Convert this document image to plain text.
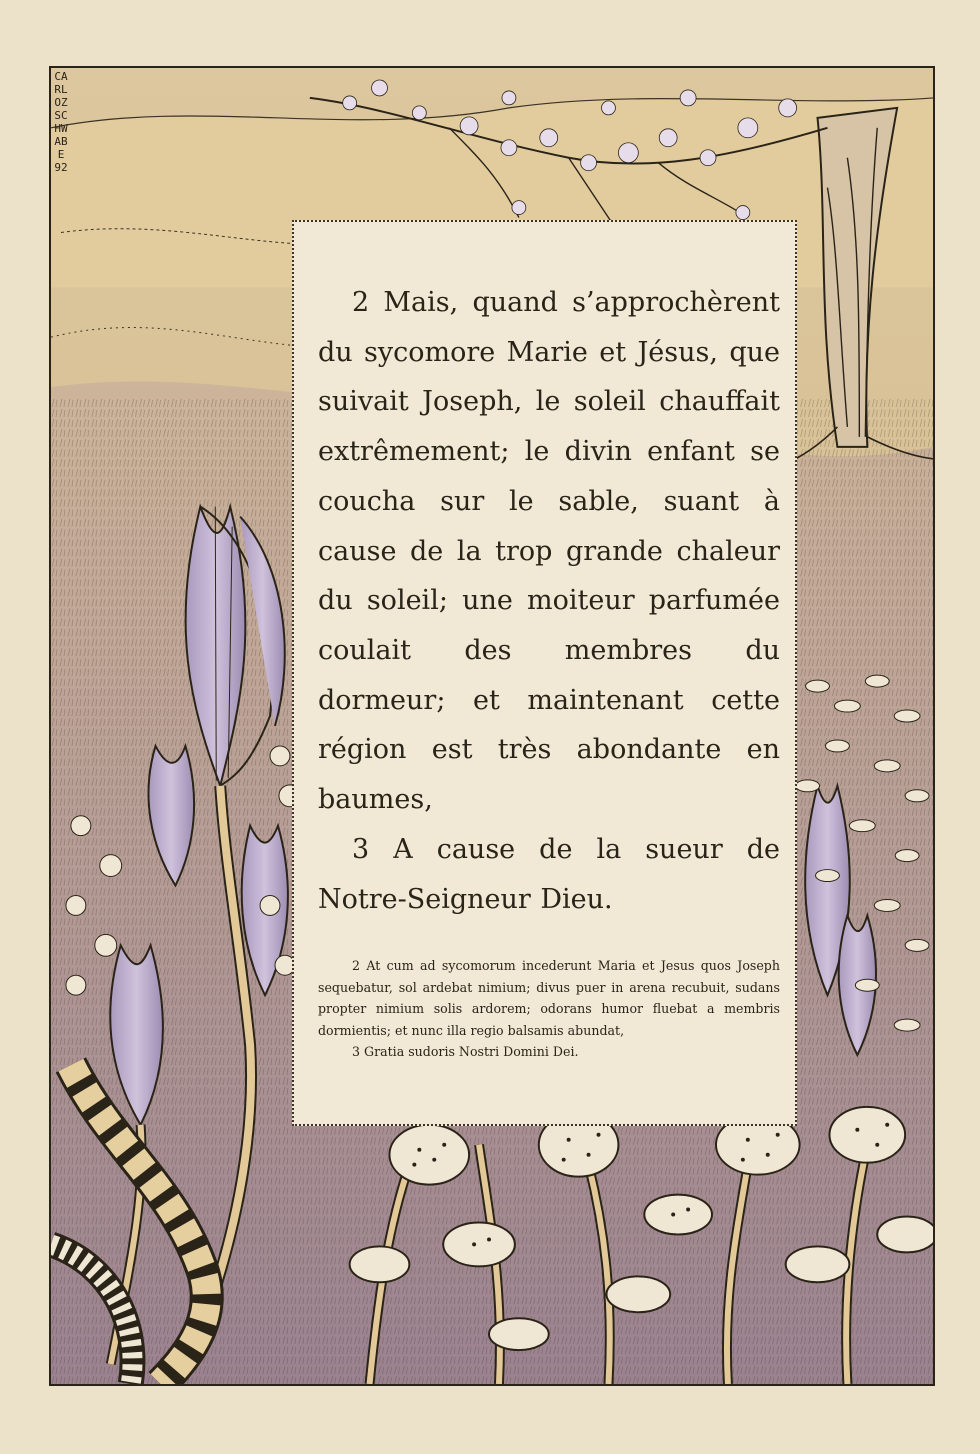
CARLOZ SCHWABE 92

2 Mais, quand s’approchèrent du sycomore Marie et Jésus, que suivait Joseph, le soleil chauffait extrêmement; le divin enfant se coucha sur le sable, suant à cause de la trop grande chaleur du soleil; une moiteur parfumée coulait des membres du dormeur; et maintenant cette région est très abondante en baumes,

3 A cause de la sueur de Notre-Seigneur Dieu.

2 At cum ad sycomorum incederunt Maria et Jesus quos Joseph sequebatur, sol ardebat nimium; divus puer in arena recubuit, sudans propter nimium solis ardorem; odorans humor fluebat a membris dormientis; et nunc illa regio balsamis abundat,

3 Gratia sudoris Nostri Domini Dei.
